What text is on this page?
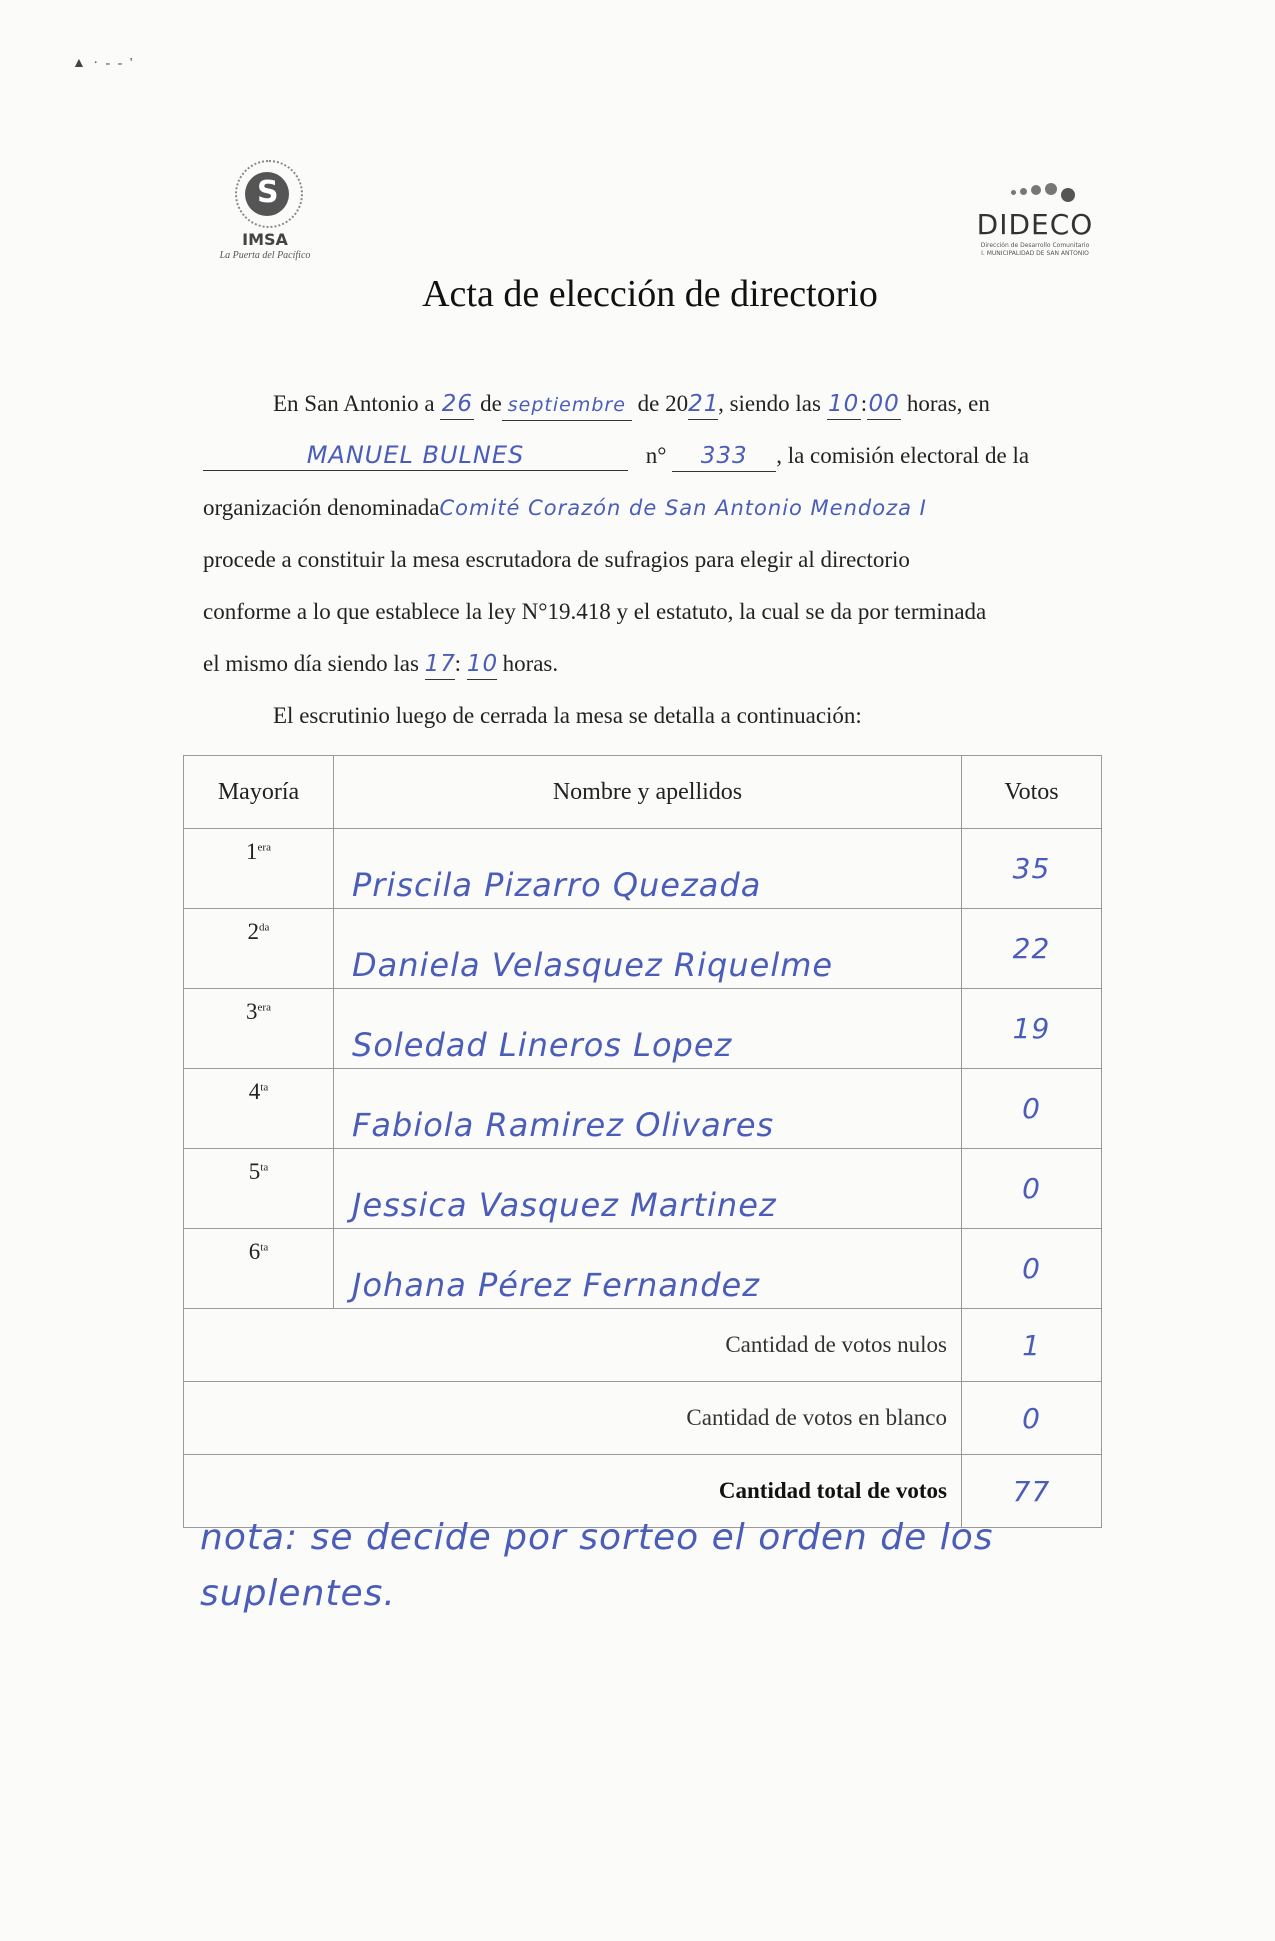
▲ · ‑ ‑ '
S
IMSA
La Puerta del Pacífico
DIDECO
Dirección de Desarrollo Comunitario
I. MUNICIPALIDAD DE SAN ANTONIO
Acta de elección de directorio
En San Antonio a 26 de septiembre de 2021, siendo las 10:00 horas, en
MANUEL BULNES	n° 333 , la comisión electoral de la
organización denominadaComité Corazón de San Antonio Mendoza I
procede a constituir la mesa escrutadora de sufragios para elegir al directorio
conforme a lo que establece la ley N°19.418 y el estatuto, la cual se da por terminada
el mismo día siendo las 17: 10 horas.
El escrutinio luego de cerrada la mesa se detalla a continuación:
Mayoría	Nombre y apellidos	Votos
$1^{era}$	Priscila Pizarro Quezada	35
$2^{da}$	Daniela Velasquez Riquelme	22
$3^{era}$	Soledad Lineros Lopez	19
$4^{ta}$	Fabiola Ramirez Olivares	0
$5^{ta}$	Jessica Vasquez Martinez	0
$6^{ta}$	Johana Pérez Fernandez	0
Cantidad de votos nulos		1
Cantidad de votos en blanco		0
Cantidad total de votos		77
nota: se decide por sorteo el orden de los
suplentes.
